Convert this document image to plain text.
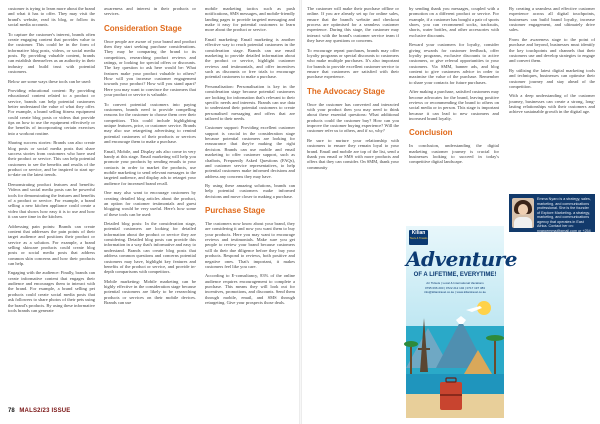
customer is trying to learn more about the brand and what it has to offer. They may visit the brand's website, read its blog, or follow its social media accounts.

To capture the customer's interest, brands often create engaging content that provides value to the customer. This could be in the form of informative blog posts, videos, or social media posts. By providing valuable content, brands can establish themselves as an authority in their industry and build trust with potential customers.

Below are some ways these tools can be used:

Providing educational content: By providing educational content related to a product or service, brands can help potential customers better understand the value of what they offer. For example, a brand selling fitness equipment could create blog posts or videos that provide tips on how to use the equipment effectively or the benefits of incorporating certain exercises into a workout routine.

Sharing success stories: Brands can also create blog posts or social media posts that share success stories from customers who have used their product or service. This can help potential customers to see the benefits and results of the product or service, and be inspired to start up-to-date on the latest trends.

Demonstrating product features and benefits: Videos and social media posts can be powerful tools for demonstrating the features and benefits of a product or service. For example, a brand selling a new kitchen appliance could create a video that shows how easy it is to use and how it can save time in the kitchen.

Addressing pain points: Brands can create content that addresses the pain points of their target audience and positions their product or service as a solution. For example, a brand selling skincare products could create blog posts or social media posts that address common skin concerns and how their products can help.

Engaging with the audience: Finally, brands can create informative content that engages their audience and encourages them to interact with the brand. For example, a brand selling pet products could create social media posts that ask followers to share photos of their pets using the brand's products. By using these informative tools brands can generate

awareness and interest in their products or services.

Consideration Stage

Once people are aware of your brand and product then they start seeking purchase considerations. They may be comparing the brand to its competitors, researching product reviews and ratings, or looking for special offers or discounts. The key question to ask here would be: What features make your product valuable to others? How will you increase customer engagement towards your product? How will you stand apart? Here you may want to convince the customers that your product or service is valuable.

To convert potential customers into paying customers, brands need to provide compelling reasons for the customer to choose them over their competitors. This could include highlighting unique features, price, or customer service. Brands may also use retargeting advertising to remind potential customers of their products or services and encourage them to make a purchase.

Email, Mobile, and Display ads also come in very handy at this stage. Email marketing will help you promote your products by sending emails to your contacts in order to market the products, use mobile marketing to send relevant messages to the targeted audience, and display ads to retarget your audience for increased brand recall.

One may also want to encourage customers by creating detailed blog articles about the product, an option for customer testimonials and guest blogging would be very useful. Here's how some of these tools can be used:

Detailed blog posts: In the consideration stage, potential customers are looking for detailed information about the product or service they are considering. Detailed blog posts can provide this information in a way that's informative and easy to understand. Brands can create blog posts that address common questions and concerns potential customers may have, highlight key features and benefits of the product or service, and provide in-depth comparisons with competitors.

Mobile marketing: Mobile marketing can be highly effective in the consideration stage because potential customers are likely to be researching products or services on their mobile devices. Brands can use

mobile marketing tactics such as push notifications, SMS messages, and mobile-friendly landing pages to provide targeted messaging and make it easy for potential customers to learn more about the product or service.

Email marketing: Email marketing is another effective way to reach potential customers in the consideration stage. Brands can use email marketing to provide detailed information about the product or service, highlight customer reviews and testimonials, and offer incentives such as discounts or free trials to encourage potential customers to make a purchase.

Personalisation: Personalisation is key in the consideration stage because potential customers are looking for information that's relevant to their specific needs and interests. Brands can use data to understand their potential customers to create personalised messaging and offers that are tailored to their needs.

Customer support: Providing excellent customer support is crucial in the consideration stage because potential customers are looking for reassurance that they're making the right decision. Brands can use mobile and email marketing to offer customer support, such as chatbots, Frequently Asked Questions (FAQs), and customer service representatives, to help potential customers make informed decisions and address any concerns they may have.

By using these amazing solutions, brands can help potential customers make informed decisions and move closer to making a purchase.

Purchase Stage

The customers now know about your brand, they are considering it and now you want them to buy your products. Here you may want to encourage reviews and testimonials. Make sure you get people to review your brand because customers will do their due diligence before they buy your products. Respond to reviews, both positive and negative ones. That's important, it makes customers feel like you care.

According to E-consultancy, 83% of the online audience requires encouragement to complete a purchase. This means they will look out for incentives, promotions, and discounts. Send them through mobile, email, and SMS through retargeting. Give your prospects those deals.

The customer will make their purchase offline or online. If you are already set up for online sales, ensure that the brand's website and checkout process are optimised for a seamless customer experience. During this stage, the customer may interact with the brand's customer service team if they have any questions or concerns.

To encourage repeat purchases, brands may offer loyalty programs or special discounts to customers who make multiple purchases. It's also important for brands to provide excellent customer service to ensure that customers are satisfied with their purchase experience.

The Advocacy Stage

Once the customer has converted and interacted with your product then you may need to think about these essential questions: What additional products could the customer buy? How can you improve the customer buying experience? Will the customer refer us to others, and if so, why?

Be sure to nurture your relationship with customers to ensure they remain loyal to your brand. Email and mobile are top of the list, send a thank you email or SMS with more products and offers that they can consider. On SMM, thank your community

by sending thank you messages, coupled with a promotion on a different product or service. For example, if a customer has bought a pair of sports shoes, you can recommend socks, tracksuits, shorts, water bottles, and other accessories with exclusive discounts.

Reward your customers for loyalty, consider giving rewards for customer feedback, offer loyalty programs, exclusive discounts to active customers, or give referral opportunities to your customers. Via SMM, banner ads, and blog content to give customers advice in order to maximise the value of the purchase. Remember to share your contacts for future purchases.

After making a purchase, satisfied customers may become advocates for the brand, leaving positive reviews or recommending the brand to others on social media or in person. This stage is important because it can lead to new customers and increased brand loyalty.

Conclusion

In conclusion, understanding the digital marketing customer journey is crucial for businesses looking to succeed in today's competitive digital landscape.

By creating a seamless and effective customer experience across all digital touchpoints, businesses can build brand loyalty, increase customer engagement, and ultimately drive sales.

From the awareness stage to the point of purchase and beyond, businesses must identify the key touchpoints and channels that their customers use and develop strategies to engage and convert them.

By utilising the latest digital marketing tools and techniques, businesses can optimise their customer journey and stay ahead of the competition.

With a deep understanding of the customer journey, businesses can create a strong, long-lasting relationships with their customers and achieve sustainable growth in the digital age.

Emma Nyaro is a strategy, sales, marketing, and communications professional. She is the founder of Explore Marketing- a strategy, marketing, and communications agency that operates in East Africa. Contact her on: nyaroemma@gmail.com or +254 ...
Kilian
Tours & Travels
Adventure
OF A LIFETIME, EVERYTIME!
Air Tickets | Local & International Vacations
0795 066 200 | 0722 212 102 | 0717 197 383
info@kiliantravel.co.ke | www.kiliantravel.co.ke
78 MALS2/23 ISSUE
